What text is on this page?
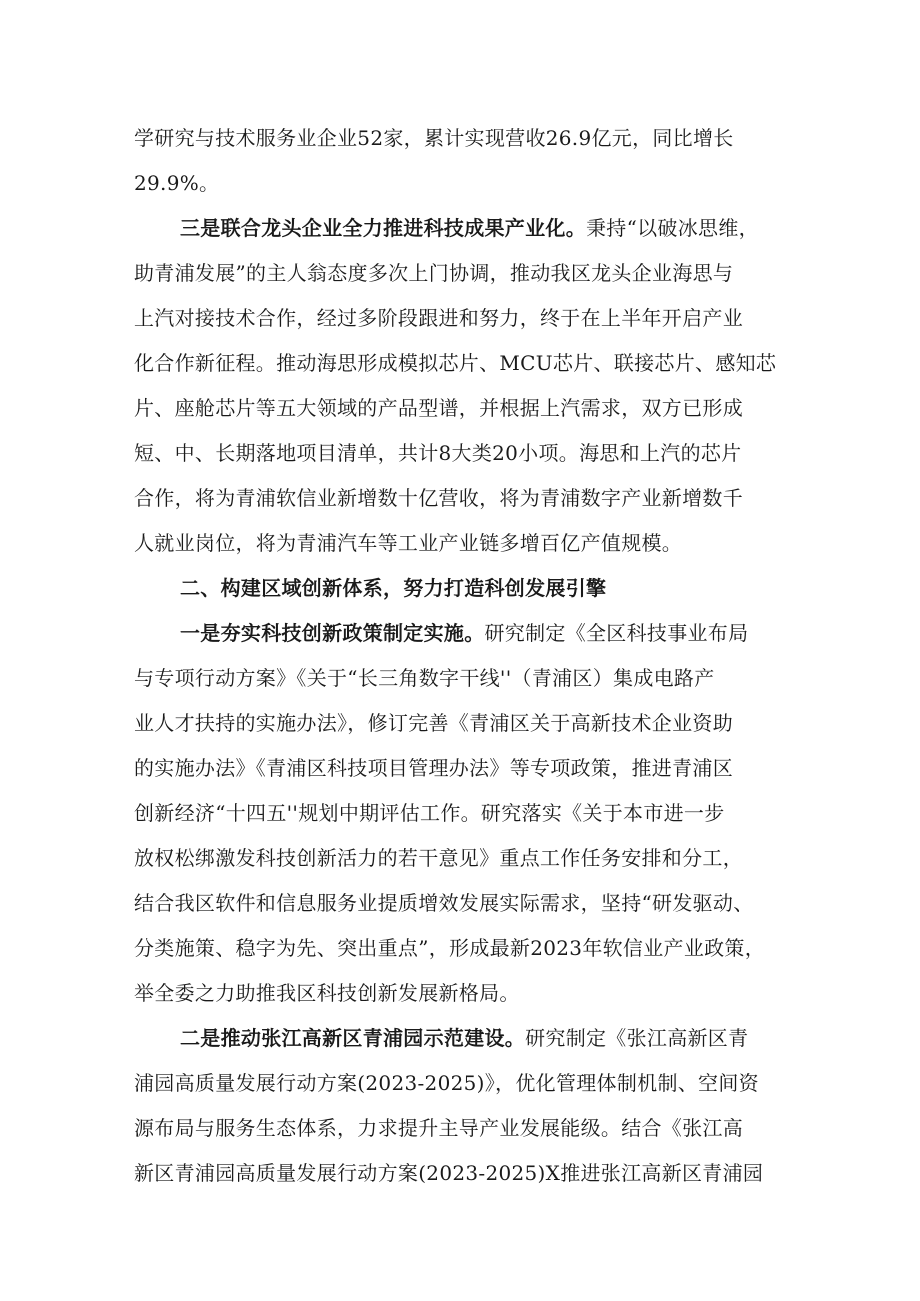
学研究与技术服务业企业52家，累计实现营收26.9亿元，同比增长
29.9%。
三是联合龙头企业全力推进科技成果产业化。秉持“以破冰思维，
助青浦发展”的主人翁态度多次上门协调，推动我区龙头企业海思与
上汽对接技术合作，经过多阶段跟进和努力，终于在上半年开启产业
化合作新征程。推动海思形成模拟芯片、MCU芯片、联接芯片、感知芯
片、座舱芯片等五大领域的产品型谱，并根据上汽需求，双方已形成
短、中、长期落地项目清单，共计8大类20小项。海思和上汽的芯片
合作，将为青浦软信业新增数十亿营收，将为青浦数字产业新增数千
人就业岗位，将为青浦汽车等工业产业链多增百亿产值规模。
二、构建区域创新体系，努力打造科创发展引擎
一是夯实科技创新政策制定实施。研究制定《全区科技事业布局
与专项行动方案》《关于“长三角数字干线''（青浦区）集成电路产
业人才扶持的实施办法》，修订完善《青浦区关于高新技术企业资助
的实施办法》《青浦区科技项目管理办法》等专项政策，推进青浦区
创新经济“十四五''规划中期评估工作。研究落实《关于本市进一步
放权松绑激发科技创新活力的若干意见》重点工作任务安排和分工，
结合我区软件和信息服务业提质增效发展实际需求，坚持“研发驱动、
分类施策、稳字为先、突出重点”，形成最新2023年软信业产业政策，
举全委之力助推我区科技创新发展新格局。
二是推动张江高新区青浦园示范建设。研究制定《张江高新区青
浦园高质量发展行动方案(2023-2025)》，优化管理体制机制、空间资
源布局与服务生态体系，力求提升主导产业发展能级。结合《张江高
新区青浦园高质量发展行动方案(2023-2025)X推进张江高新区青浦园
